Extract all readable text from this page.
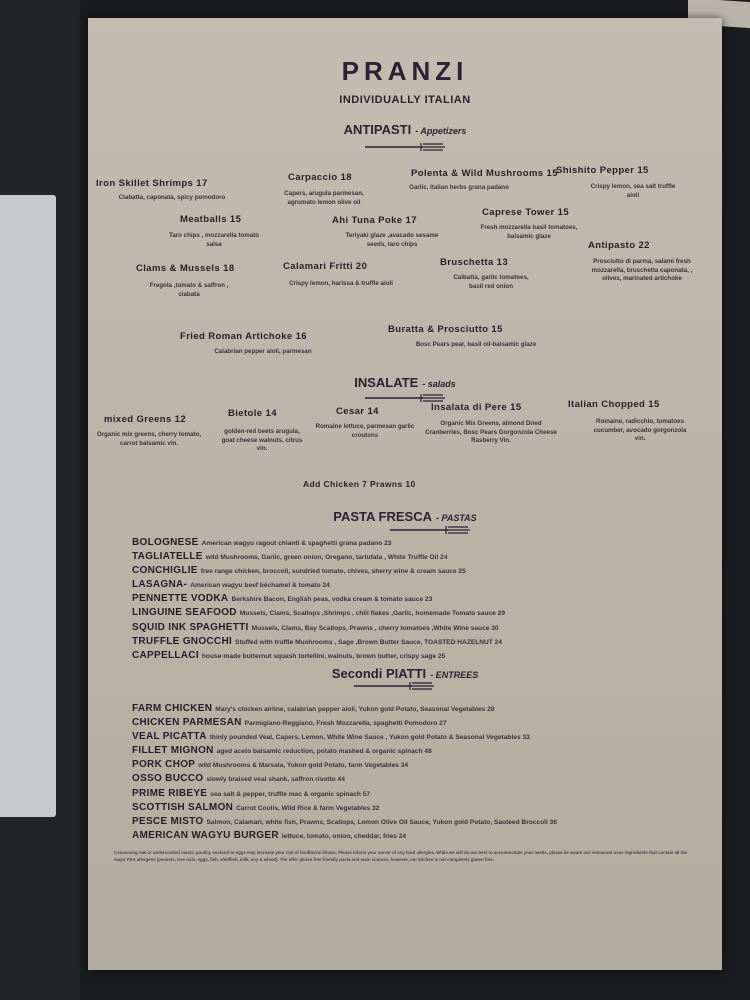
PRANZI
INDIVIDUALLY ITALIAN
ANTIPASTI - Appetizers
Iron Skillet Shrimps 17
Ciabatta, caponata, spicy pomodoro
Carpaccio 18
Capers, arugula parmesan, agrumato lemon olive oil
Polenta & Wild Mushrooms 15
Garlic, Italian herbs grana padano
Shishito Pepper 15
Crispy lemon, sea salt truffle aioli
Meatballs 15
Taro chips , mozzarella tomato salsa
Ahi Tuna Poke 17
Teriyaki glaze ,avacado sesame seeds, taro chips
Caprese Tower 15
Fresh mozzarella basil tomatoes, balsamic glaze
Antipasto 22
Prosciutto di parma, salami fresh mozzarella, bruschetta caponata, , olives, marinated artichoke
Clams & Mussels 18
Fregola ,tomato & saffron , ciabata
Calamari Fritti 20
Crispy lemon, harissa & truffle aioli
Bruschetta 13
Caibatta, garlic tomatoes, basil red onion
Fried Roman Artichoke 16
Calabrian pepper aioli, parmesan
Buratta & Prosciutto 15
Bosc Pears pear, basil oil-balsamic glaze
INSALATE - salads
mixed Greens 12
Organic mix greens, cherry tomato, carrot balsamic vin.
Bietole 14
golden-red beets arugula, goat cheese walnuts, citrus vin.
Cesar 14
Romaine lettuce, parmesan garlic croutons
Insalata di Pere 15
Organic Mix Greens, almond Dried Cranberries, Bosc Pears Gorgonzola Cheese Rasberry Vin.
Italian Chopped 15
Romaine, radicchio, tomatoes cucumber, avocado gorgonzola vin.
Add Chicken 7 Prawns 10
PASTA FRESCA - PASTAS
BOLOGNESE American wagyu ragout chianti & spaghetti grana padano 23
TAGLIATELLE wild Mushrooms, Garlic, green onion, Oregano, tartufata , White Truffle Oil 24
CONCHIGLIE free range chicken, broccoli, sundried tomato, chives, sherry wine & cream sauce 25
LASAGNA- American wagyu beef béchamel & tomato 24
PENNETTE VODKA Berkshire Bacon, English peas, vodka cream & tomato sauce 23
LINGUINE SEAFOOD Mussels, Clams, Scallops ,Shrimps , chili flakes ,Garlic, homemade Tomato sauce 29
SQUID INK SPAGHETTI Mussels, Clams, Bay Scallops, Prawns , cherry tomatoes ,White Wine sauce 30
TRUFFLE GNOCCHI Stuffed with truffle Mushrooms , Sage ,Brown Butter Sauce, TOASTED HAZELNUT 24
CAPPELLACI house-made butternut squash tortellini, walnuts, brown butter, crispy sage 25
Secondi PIATTI - ENTREES
FARM CHICKEN Mary's chicken airline, calabrian pepper aioli, Yukon gold Potato, Seasonal Vegetables 28
CHICKEN PARMESAN Parmigiano-Reggiano, Fresh Mozzarella, spaghetti Pomodoro 27
VEAL PICATTA thinly pounded Veal, Capers, Lemon, White Wine Sauce , Yukon gold Potato & Seasonal Vegetables 33
FILLET MIGNON aged aceto balsamic reduction, potato mashed & organic spinach 48
PORK CHOP wild Mushrooms & Marsala, Yukon gold Potato, farm Vegetables 34
OSSO BUCCO slowly braised veal shank, saffron risotto 44
PRIME RIBEYE sea salt & pepper, truffle mac & organic spinach 57
SCOTTISH SALMON Carrot Coulis, Wild Rice & farm Vegetables 32
PESCE MISTO Salmon, Calamari, white fish, Prawns, Scallops, Lemon Olive Oil Sauce, Yukon gold Potato, Sauteed Broccoli 36
AMERICAN WAGYU BURGER lettuce, tomato, onion, cheddar, fries 24
Consuming raw or undercooked meats, poultry, seafood or eggs may increase your risk of foodborne illness. Please inform your server of any food allergies. While we will do our best to accommodate your needs, please be aware our restaurant uses ingredients that contain all the major FDA allergens (peanuts, tree nuts, eggs, fish, shellfish, milk, soy & wheat). The offer gluten free friendly pasta and main courses, however, our kitchen is not completely gluten free.
